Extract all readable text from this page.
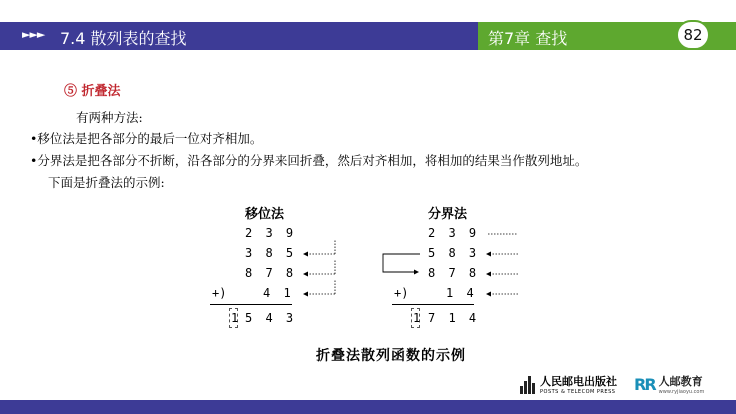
►►► 7.4 散列表的查找	第7章 查找	82
⑤ 折叠法
有两种方法:
•移位法是把各部分的最后一位对齐相加。
•分界法是把各部分不折断，沿各部分的分界来回折叠，然后对齐相加，将相加的结果当作散列地址。
下面是折叠法的示例:
移位法
2 3 9
3 8 5
8 7 8
+)	4 1
1 5 4 3
分界法
2 3 9
5 8 3
8 7 8
+)	1 4
1 7 1 4
折叠法散列函数的示例
人民邮电出版社
POSTS & TELECOM PRESS RR 人邮教育
www.ryjiaoyu.com
